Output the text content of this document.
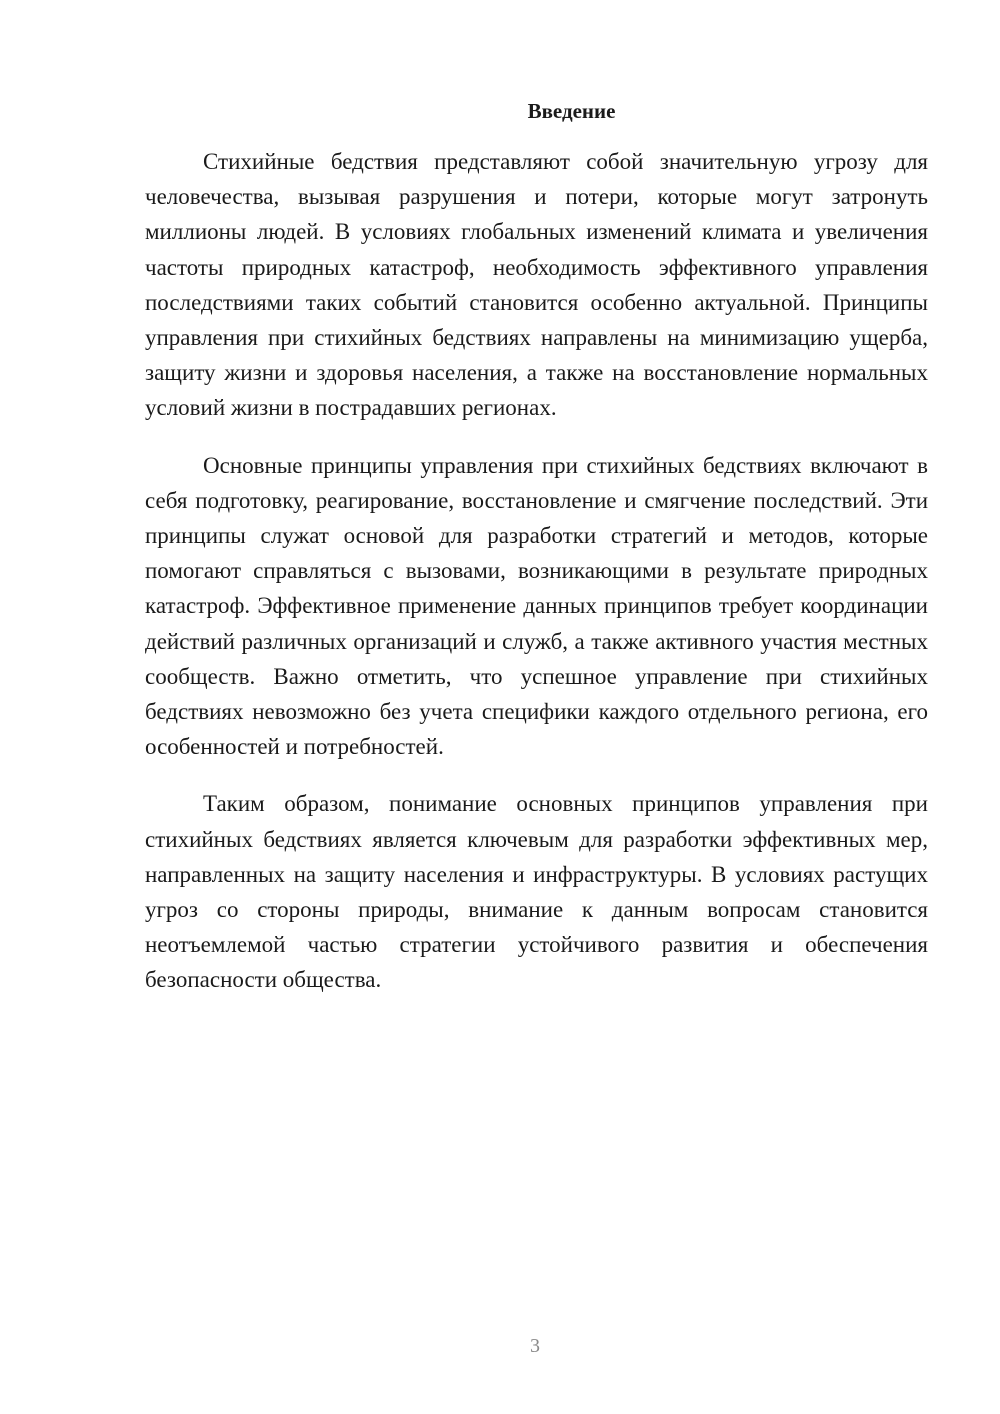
Введение

Стихийные бедствия представляют собой значительную угрозу для человечества, вызывая разрушения и потери, которые могут затронуть миллионы людей. В условиях глобальных изменений климата и увеличения частоты природных катастроф, необходимость эффективного управления последствиями таких событий становится особенно актуальной. Принципы управления при стихийных бедствиях направлены на минимизацию ущерба, защиту жизни и здоровья населения, а также на восстановление нормальных условий жизни в пострадавших регионах.

Основные принципы управления при стихийных бедствиях включают в себя подготовку, реагирование, восстановление и смягчение последствий. Эти принципы служат основой для разработки стратегий и методов, которые помогают справляться с вызовами, возникающими в результате природных катастроф. Эффективное применение данных принципов требует координации действий различных организаций и служб, а также активного участия местных сообществ. Важно отметить, что успешное управление при стихийных бедствиях невозможно без учета специфики каждого отдельного региона, его особенностей и потребностей.

Таким образом, понимание основных принципов управления при стихийных бедствиях является ключевым для разработки эффективных мер, направленных на защиту населения и инфраструктуры. В условиях растущих угроз со стороны природы, внимание к данным вопросам становится неотъемлемой частью стратегии устойчивого развития и обеспечения безопасности общества.

3
